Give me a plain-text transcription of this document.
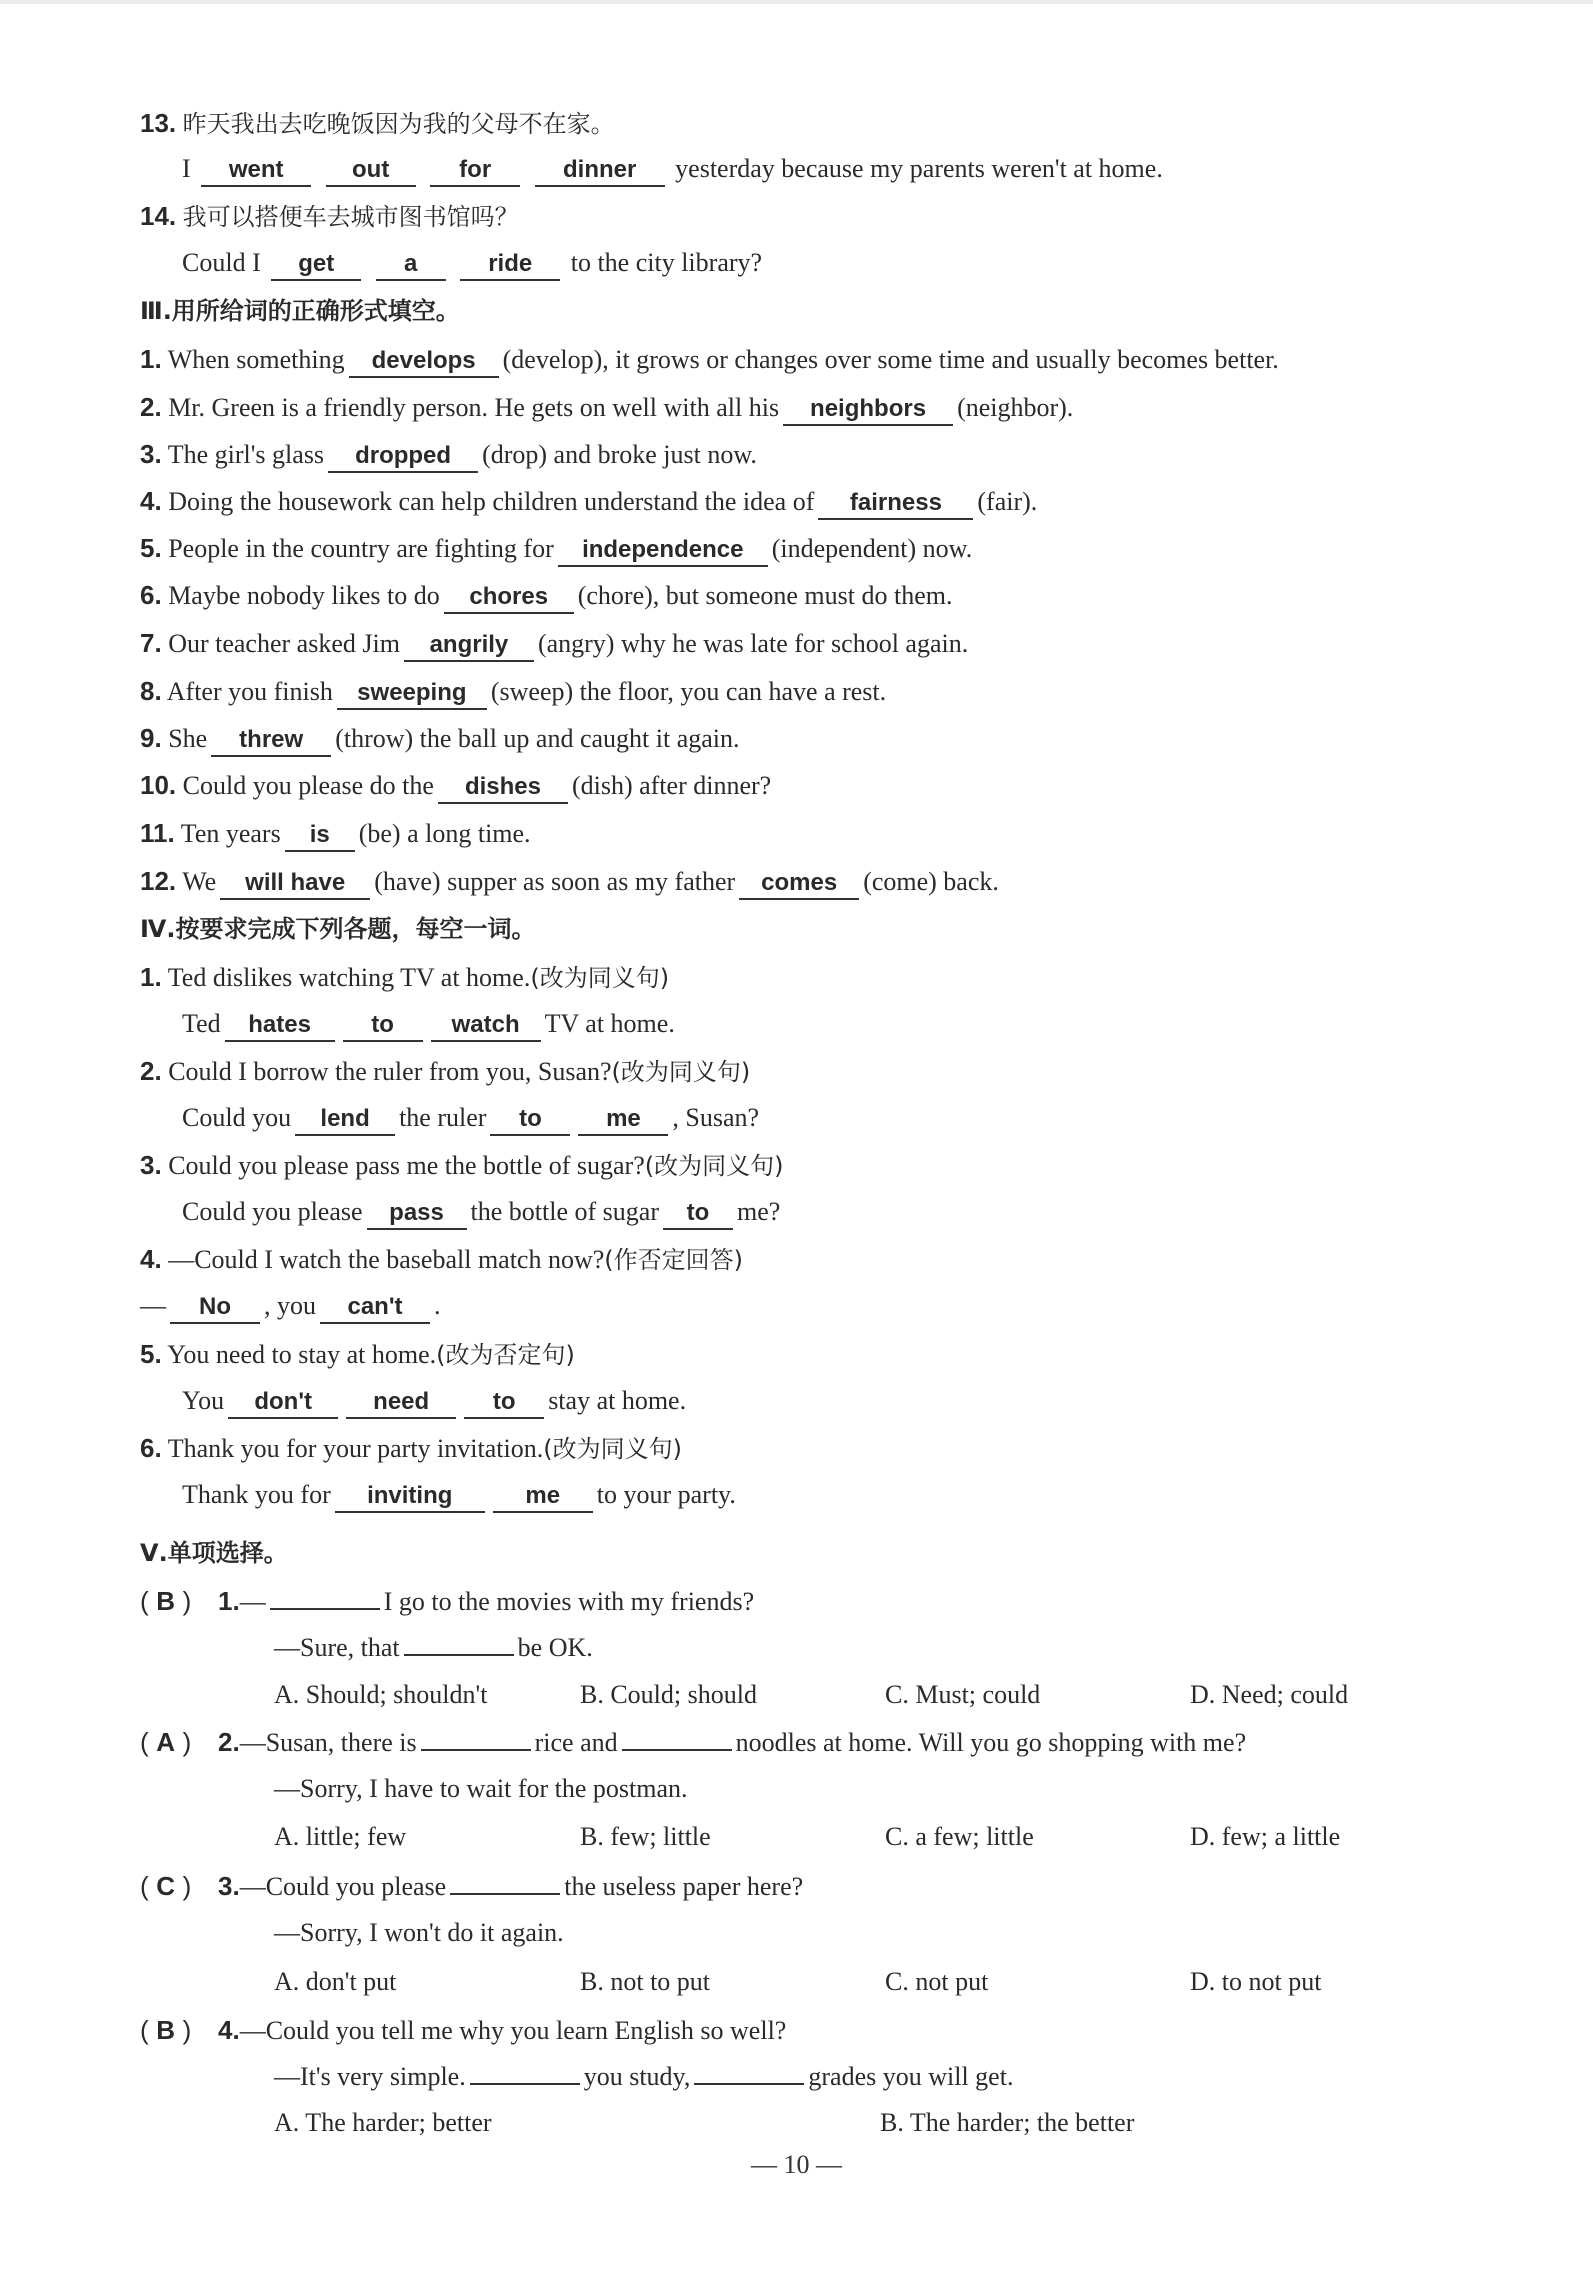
13. 昨天我出去吃晚饭因为我的父母不在家。
I went	out	for	dinner yesterday because my parents weren't at home.
14. 我可以搭便车去城市图书馆吗？
Could I get	a	ride to the city library?
Ⅲ.用所给词的正确形式填空。
1. When something develops (develop), it grows or changes over some time and usually becomes better.
2. Mr. Green is a friendly person. He gets on well with all his neighbors (neighbor).
3. The girl's glass dropped (drop) and broke just now.
4. Doing the housework can help children understand the idea of fairness (fair).
5. People in the country are fighting for independence (independent) now.
6. Maybe nobody likes to do chores (chore), but someone must do them.
7. Our teacher asked Jim angrily (angry) why he was late for school again.
8. After you finish sweeping (sweep) the floor, you can have a rest.
9. She threw (throw) the ball up and caught it again.
10. Could you please do the dishes (dish) after dinner?
11. Ten years is (be) a long time.
12. We will have (have) supper as soon as my father comes (come) back.
Ⅳ.按要求完成下列各题，每空一词。
1. Ted dislikes watching TV at home.(改为同义句)
Ted hates	to watch TV at home.
2. Could I borrow the ruler from you, Susan?(改为同义句)
Could you lend the ruler to	me , Susan?
3. Could you please pass me the bottle of sugar?(改为同义句)
Could you please pass the bottle of sugar to me?
4. —Could I watch the baseball match now?(作否定回答)
— No , you can't .
5. You need to stay at home.(改为否定句)
You don't	need	to stay at home.
6. Thank you for your party invitation.(改为同义句)
Thank you for inviting	me to your party.
Ⅴ.单项选择。
( B ) 1.—	I go to the movies with my friends?
—Sure, that	be OK.
A. Should; shouldn't	B. Could; should	C. Must; could	D. Need; could
( A ) 2.—Susan, there is	rice and	noodles at home. Will you go shopping with me?
—Sorry, I have to wait for the postman.
A. little; few	B. few; little	C. a few; little	D. few; a little
( C ) 3.—Could you please	the useless paper here?
—Sorry, I won't do it again.
A. don't put	B. not to put	C. not put	D. to not put
( B ) 4.—Could you tell me why you learn English so well?
—It's very simple.	you study,	grades you will get.
— 10 —
A. The harder; better	B. The harder; the better
